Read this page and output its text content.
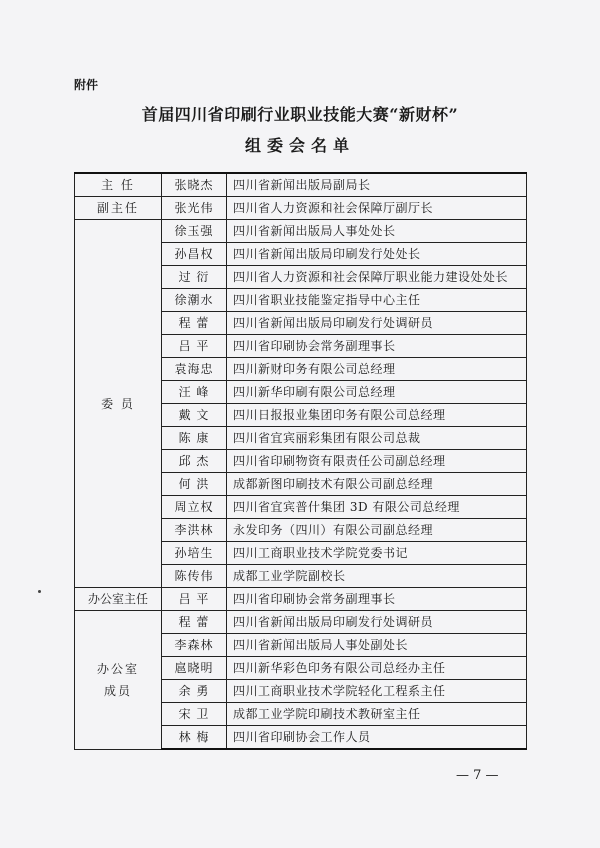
附件
首届四川省印刷行业职业技能大赛“新财杯”
组委会名单
主 任	张晓杰	四川省新闻出版局副局长
副主任	张光伟	四川省人力资源和社会保障厅副厅长
委 员	徐玉强	四川省新闻出版局人事处处长
	孙昌权	四川省新闻出版局印刷发行处处长
	过 衍	四川省人力资源和社会保障厅职业能力建设处处长
	徐潮水	四川省职业技能鉴定指导中心主任
	程 蕾	四川省新闻出版局印刷发行处调研员
	吕 平	四川省印刷协会常务副理事长
	袁海忠	四川新财印务有限公司总经理
	汪 峰	四川新华印刷有限公司总经理
	戴 文	四川日报报业集团印务有限公司总经理
	陈 康	四川省宜宾丽彩集团有限公司总裁
	邱 杰	四川省印刷物资有限责任公司副总经理
	何 洪	成都新图印刷技术有限公司副总经理
	周立权	四川省宜宾普什集团 3D 有限公司总经理
	李洪林	永发印务（四川）有限公司副总经理
	孙培生	四川工商职业技术学院党委书记
	陈传伟	成都工业学院副校长
办公室主任	吕 平	四川省印刷协会常务副理事长

办公室
成员	程 蕾	四川省新闻出版局印刷发行处调研员
	李森林	四川省新闻出版局人事处副处长
	扈晓明	四川新华彩色印务有限公司总经办主任
	余 勇	四川工商职业技术学院轻化工程系主任
	宋 卫	成都工业学院印刷技术教研室主任
	林 梅	四川省印刷协会工作人员
— 7 —
